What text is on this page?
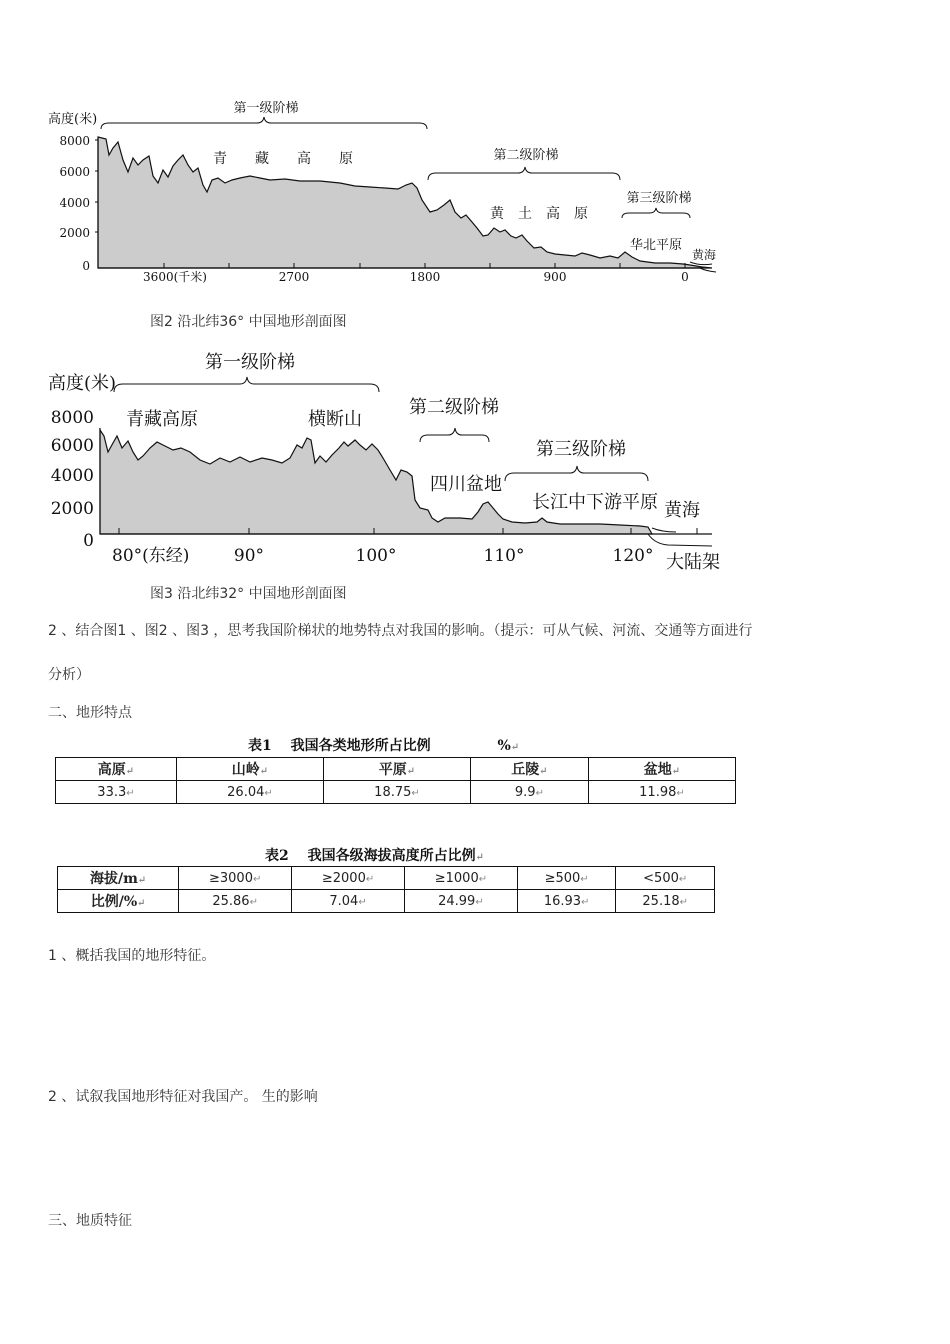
高度(米)
8000
6000
4000
2000
0
3600(千米)	2700	1800	900	0
第一级阶梯
第二级阶梯
第三级阶梯
青　　藏　　高　　原
黄　土　高　原
华北平原
黄海
图2 沿北纬36° 中国地形剖面图
高度(米)
8000
6000
4000
2000
0
80°(东经)	90°	100°	110°	120°
第一级阶梯
第二级阶梯
第三级阶梯
青藏高原	横断山
四川盆地
长江中下游平原 黄海
大陆架
图3 沿北纬32° 中国地形剖面图
2 、结合图1 、图2 、图3 ，思考我国阶梯状的地势特点对我国的影响。（提示：可从气候、河流、交通等方面进行
分析）
二、地形特点
表1　 我国各类地形所占比例	%↵
高原↵	山岭↵	平原↵	丘陵↵	盆地↵
33.3↵	26.04↵	18.75↵	9.9↵	11.98↵
表2　 我国各级海拔高度所占比例↵
海拔/m↵	≥3000↵	≥2000↵	≥1000↵	≥500↵	<500↵
比例/%↵	25.86↵	7.04↵	24.99↵	16.93↵	25.18↵
1 、概括我国的地形特征。
2 、试叙我国地形特征对我国产。 生的影响
三、地质特征
